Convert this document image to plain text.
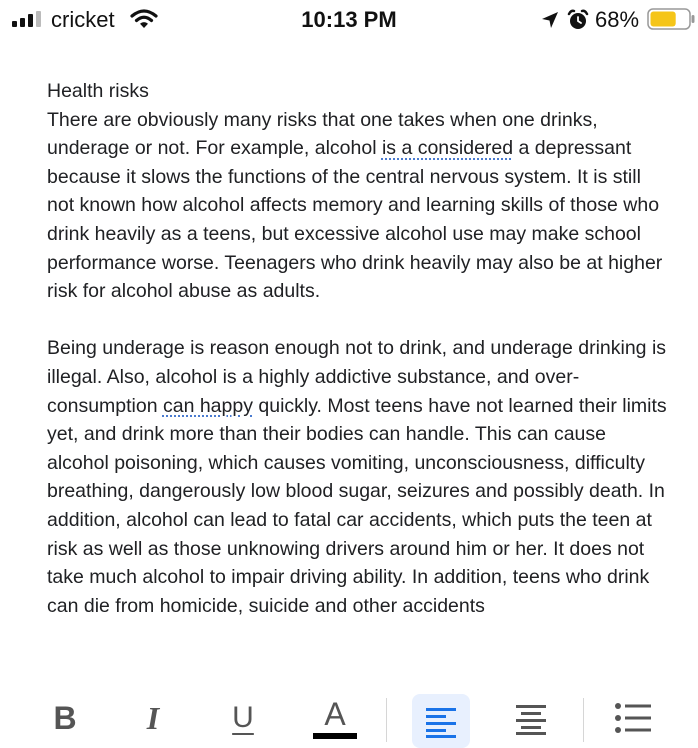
cricket	10:13 PM	68%

Health risks

There are obviously many risks that one takes when one drinks, underage or not. For example, alcohol is a considered a depressant because it slows the functions of the central nervous system. It is still not known how alcohol affects memory and learning skills of those who drink heavily as a teens, but excessive alcohol use may make school performance worse. Teenagers who drink heavily may also be at higher risk for alcohol abuse as adults.

Being underage is reason enough not to drink, and underage drinking is illegal. Also, alcohol is a highly addictive substance, and over-consumption can happy quickly. Most teens have not learned their limits yet, and drink more than their bodies can handle. This can cause alcohol poisoning, which causes vomiting, unconsciousness, difficulty breathing, dangerously low blood sugar, seizures and possibly death. In addition, alcohol can lead to fatal car accidents, which puts the teen at risk as well as those unknowing drivers around him or her. It does not take much alcohol to impair driving ability. In addition, teens who drink can die from homicide, suicide and other accidents

B I U A
